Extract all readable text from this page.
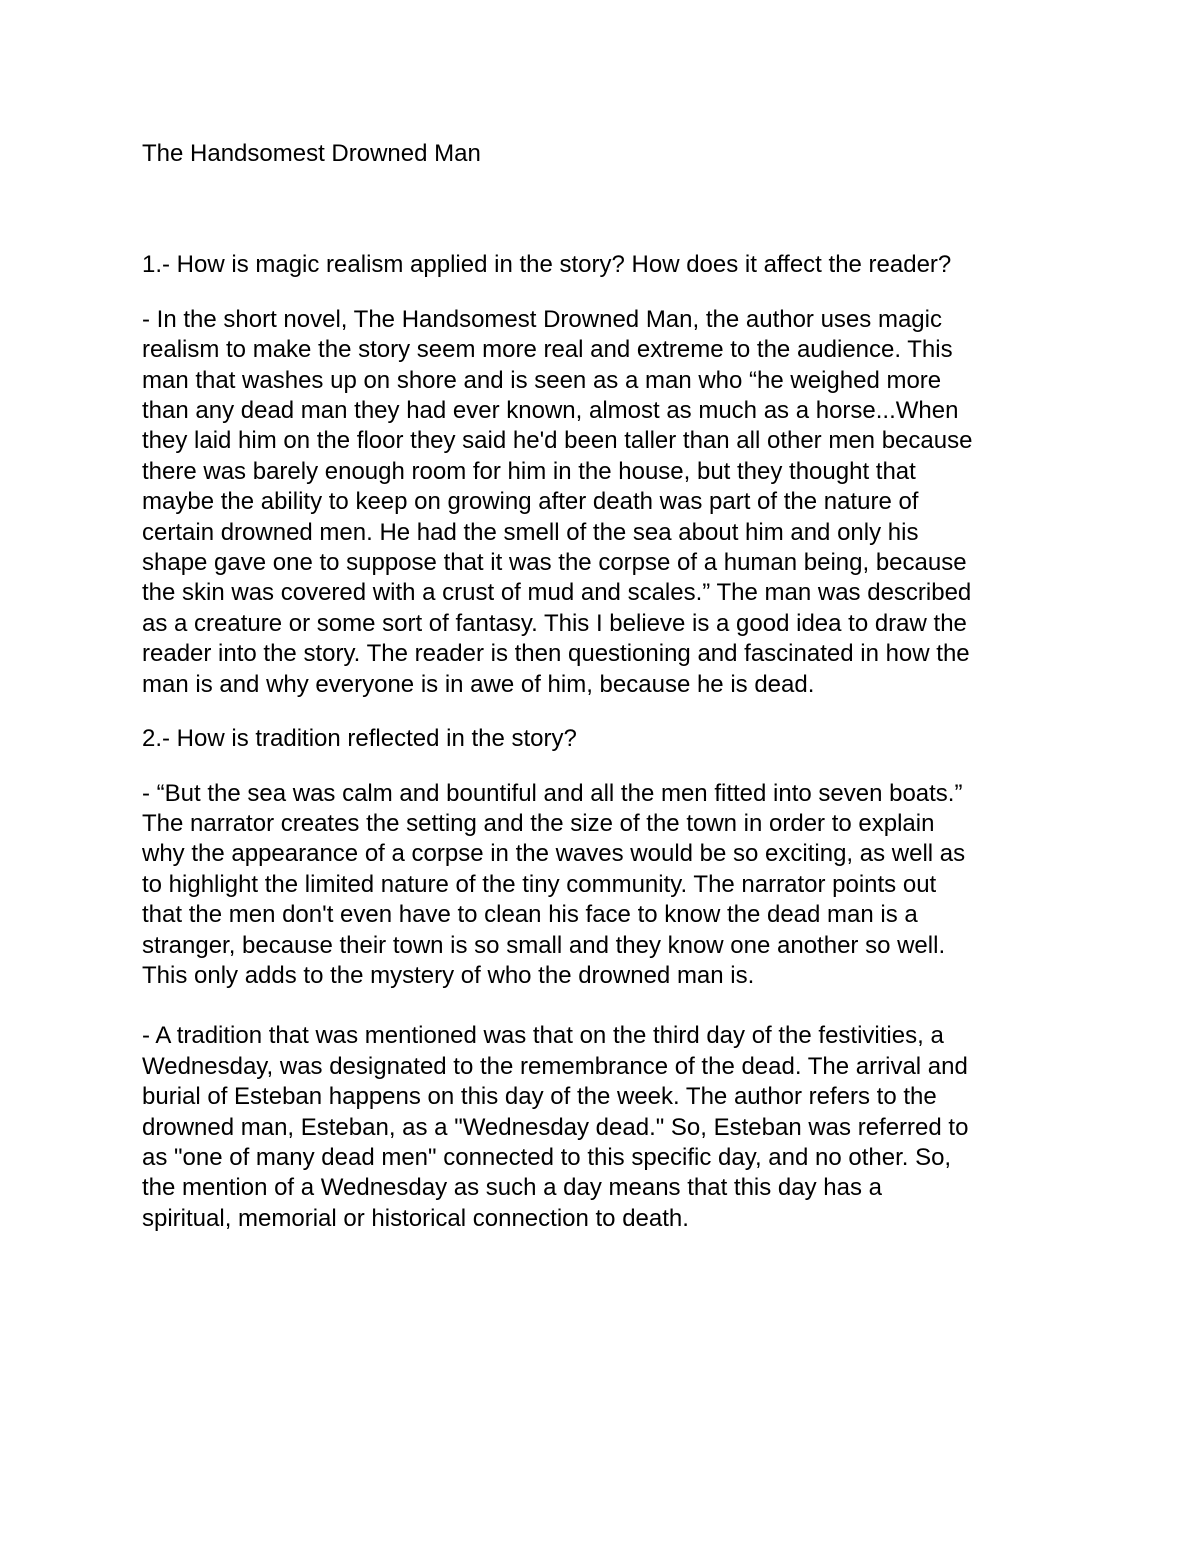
The Handsomest Drowned Man

1.- How is magic realism applied in the story? How does it affect the reader?

- In the short novel, The Handsomest Drowned Man, the author uses magic
realism to make the story seem more real and extreme to the audience. This
man that washes up on shore and is seen as a man who “he weighed more
than any dead man they had ever known, almost as much as a horse...When
they laid him on the floor they said he'd been taller than all other men because
there was barely enough room for him in the house, but they thought that
maybe the ability to keep on growing after death was part of the nature of
certain drowned men. He had the smell of the sea about him and only his
shape gave one to suppose that it was the corpse of a human being, because
the skin was covered with a crust of mud and scales.” The man was described
as a creature or some sort of fantasy. This I believe is a good idea to draw the
reader into the story. The reader is then questioning and fascinated in how the
man is and why everyone is in awe of him, because he is dead.

2.- How is tradition reflected in the story?

- “But the sea was calm and bountiful and all the men fitted into seven boats.”
The narrator creates the setting and the size of the town in order to explain
why the appearance of a corpse in the waves would be so exciting, as well as
to highlight the limited nature of the tiny community. The narrator points out
that the men don't even have to clean his face to know the dead man is a
stranger, because their town is so small and they know one another so well.
This only adds to the mystery of who the drowned man is.

- A tradition that was mentioned was that on the third day of the festivities, a
Wednesday, was designated to the remembrance of the dead. The arrival and
burial of Esteban happens on this day of the week. The author refers to the
drowned man, Esteban, as a "Wednesday dead." So, Esteban was referred to
as "one of many dead men" connected to this specific day, and no other. So,
the mention of a Wednesday as such a day means that this day has a
spiritual, memorial or historical connection to death.
